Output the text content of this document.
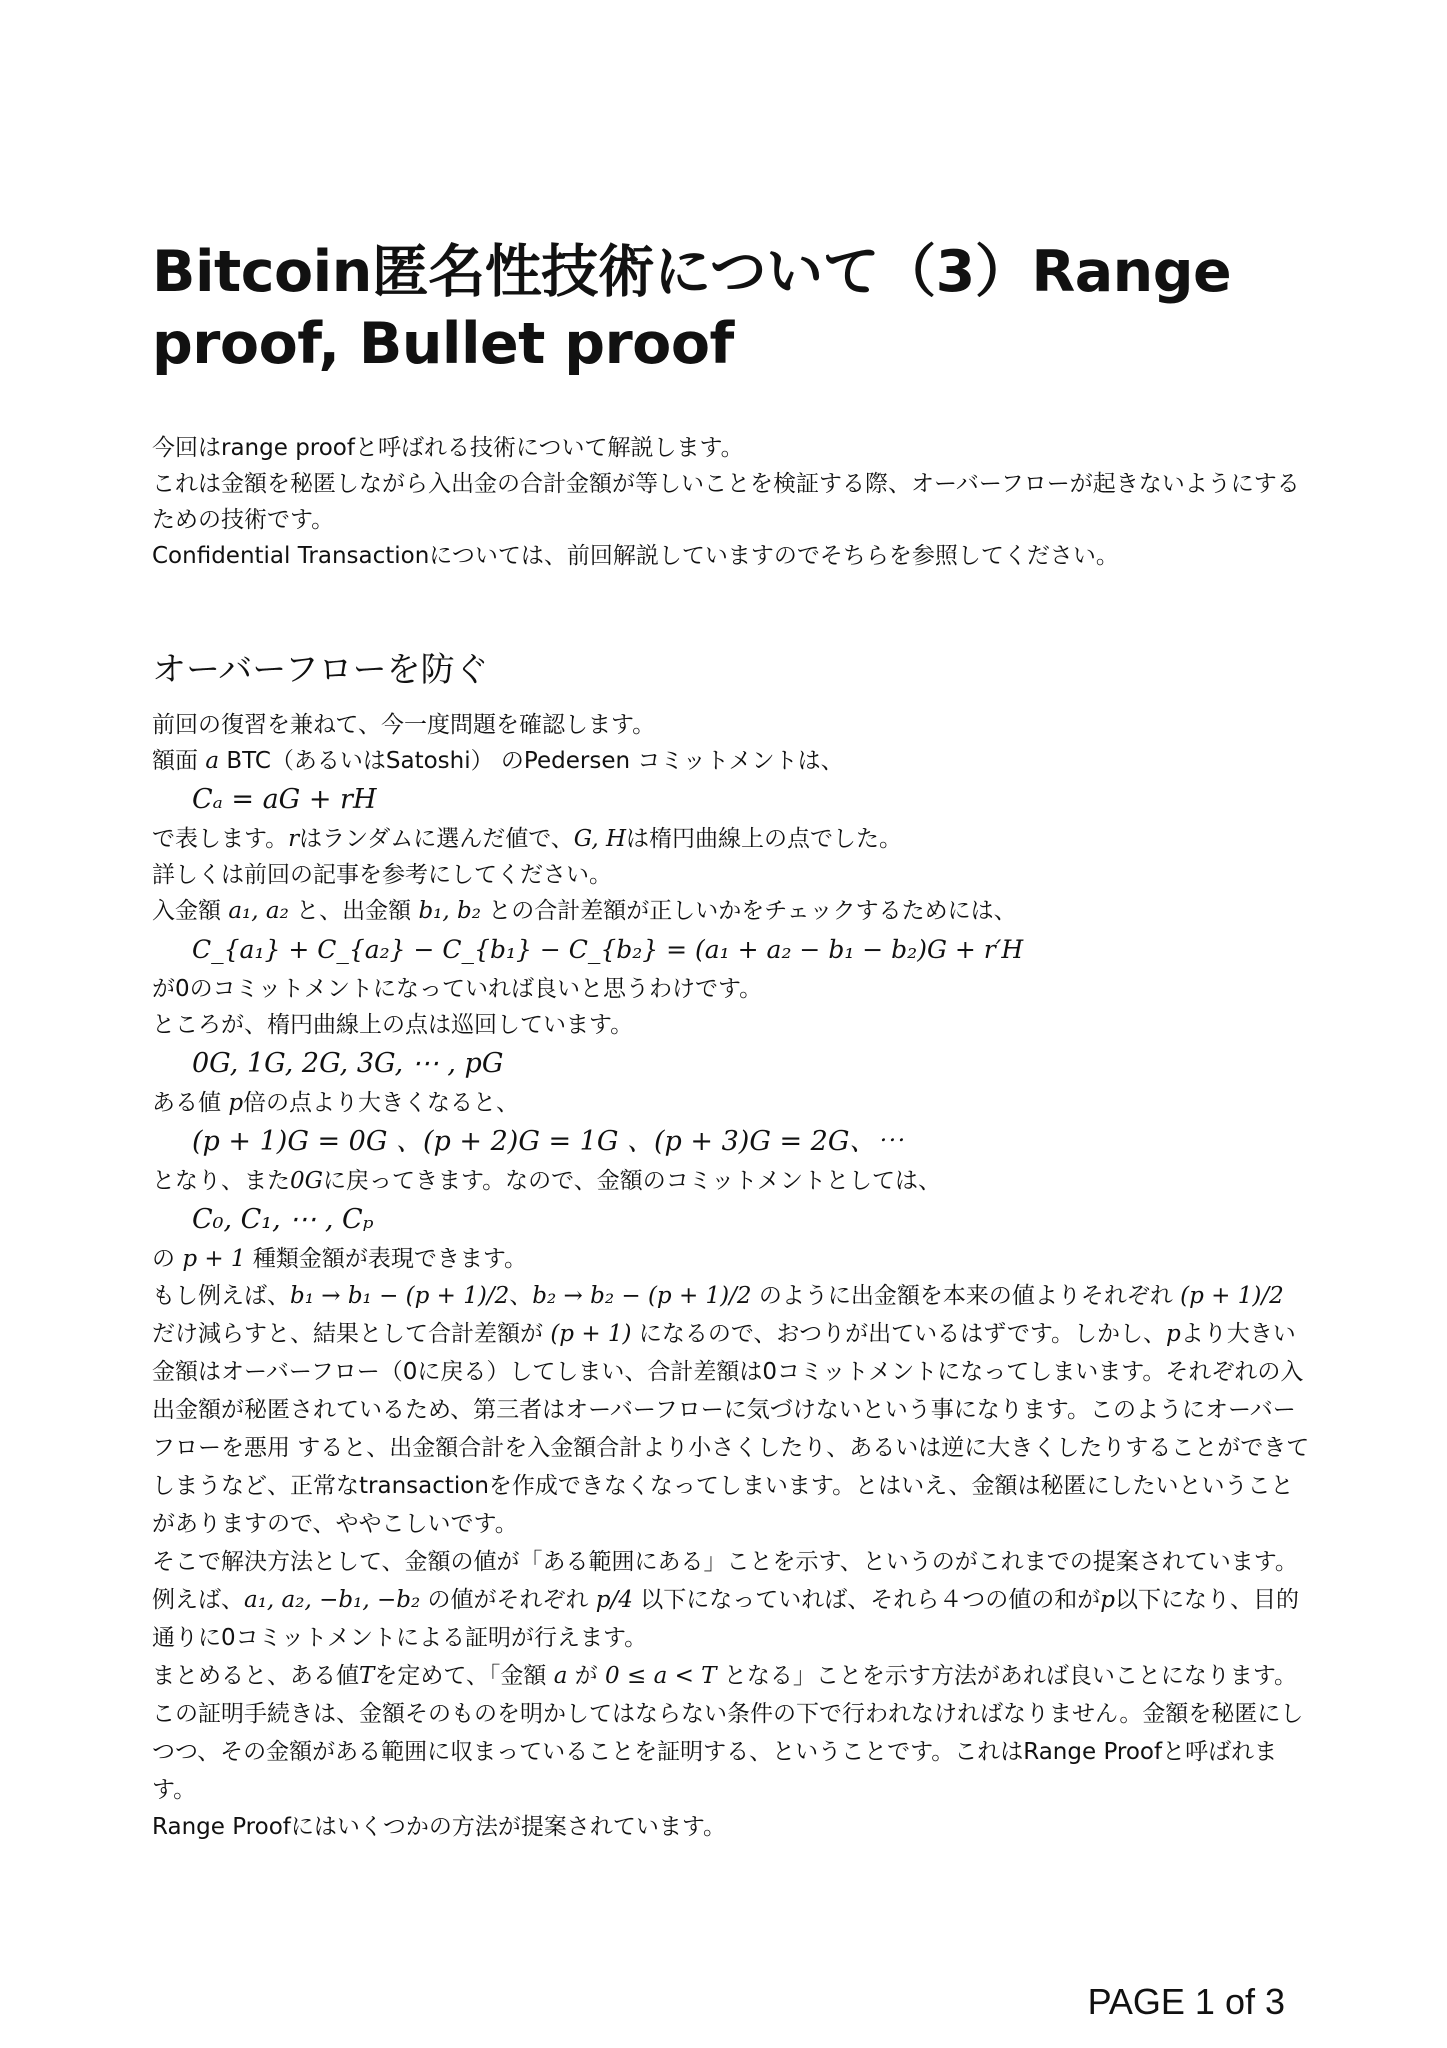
Bitcoin匿名性技術について（3）Range proof, Bullet proof

今回はrange proofと呼ばれる技術について解説します。

これは金額を秘匿しながら入出金の合計金額が等しいことを検証する際、オーバーフローが起きないようにするための技術です。

Confidential Transactionについては、前回解説していますのでそちらを参照してください。

オーバーフローを防ぐ

前回の復習を兼ねて、今一度問題を確認します。

額面 a BTC（あるいはSatoshi） のPedersen コミットメントは、

Cₐ = aG + rH

で表します。rはランダムに選んだ値で、G, Hは楕円曲線上の点でした。

詳しくは前回の記事を参考にしてください。

入金額 a₁, a₂ と、出金額 b₁, b₂ との合計差額が正しいかをチェックするためには、

C_{a₁} + C_{a₂} − C_{b₁} − C_{b₂} = (a₁ + a₂ − b₁ − b₂)G + r′H

が0のコミットメントになっていれば良いと思うわけです。

ところが、楕円曲線上の点は巡回しています。

0G, 1G, 2G, 3G, ⋯ , pG

ある値 p倍の点より大きくなると、

(p + 1)G = 0G 、(p + 2)G = 1G 、(p + 3)G = 2G、⋯

となり、また0Gに戻ってきます。なので、金額のコミットメントとしては、

C₀, C₁, ⋯ , Cₚ

の p + 1 種類金額が表現できます。

もし例えば、b₁ → b₁ − (p + 1)/2、b₂ → b₂ − (p + 1)/2 のように出金額を本来の値よりそれぞれ (p + 1)/2 だけ減らすと、結果として合計差額が (p + 1) になるので、おつりが出ているはずです。しかし、pより大きい金額はオーバーフロー（0に戻る）してしまい、合計差額は0コミットメントになってしまいます。それぞれの入出金額が秘匿されているため、第三者はオーバーフローに気づけないという事になります。このようにオーバーフローを悪用 すると、出金額合計を入金額合計より小さくしたり、あるいは逆に大きくしたりすることができてしまうなど、正常なtransactionを作成できなくなってしまいます。とはいえ、金額は秘匿にしたいということがありますので、ややこしいです。

そこで解決方法として、金額の値が「ある範囲にある」ことを示す、というのがこれまでの提案されています。例えば、a₁, a₂, −b₁, −b₂ の値がそれぞれ p/4 以下になっていれば、それら４つの値の和がp以下になり、目的通りに0コミットメントによる証明が行えます。

まとめると、ある値Tを定めて、「金額 a が 0 ≤ a < T となる」ことを示す方法があれば良いことになります。この証明手続きは、金額そのものを明かしてはならない条件の下で行われなければなりません。金額を秘匿にしつつ、その金額がある範囲に収まっていることを証明する、ということです。これはRange Proofと呼ばれます。

Range Proofにはいくつかの方法が提案されています。

PAGE 1 of 3
